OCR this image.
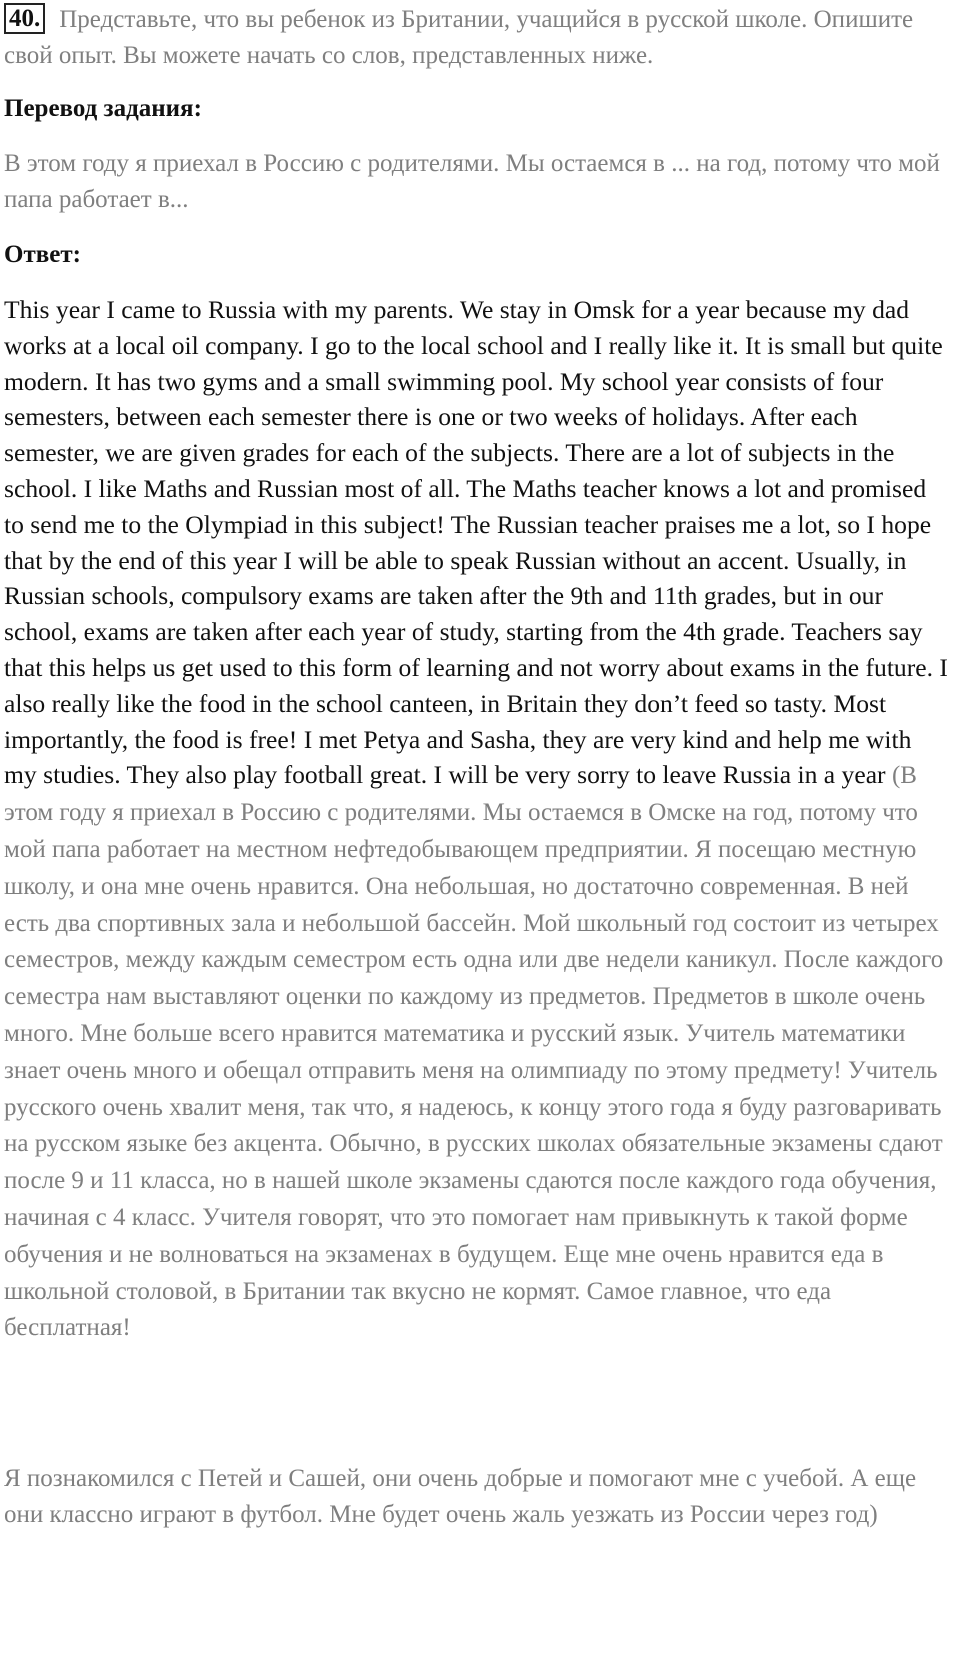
40. Представьте, что вы ребенок из Британии, учащийся в русской школе. Опишите свой опыт. Вы можете начать со слов, представленных ниже.
Перевод задания:
В этом году я приехал в Россию с родителями. Мы остаемся в ... на год, потому что мой папа работает в...
Ответ:
This year I came to Russia with my parents. We stay in Omsk for a year because my dad works at a local oil company. I go to the local school and I really like it. It is small but quite modern. It has two gyms and a small swimming pool. My school year consists of four semesters, between each semester there is one or two weeks of holidays. After each semester, we are given grades for each of the subjects. There are a lot of subjects in the school. I like Maths and Russian most of all. The Maths teacher knows a lot and promised to send me to the Olympiad in this subject! The Russian teacher praises me a lot, so I hope that by the end of this year I will be able to speak Russian without an accent. Usually, in Russian schools, compulsory exams are taken after the 9th and 11th grades, but in our school, exams are taken after each year of study, starting from the 4th grade. Teachers say that this helps us get used to this form of learning and not worry about exams in the future. I also really like the food in the school canteen, in Britain they don’t feed so tasty. Most importantly, the food is free! I met Petya and Sasha, they are very kind and help me with my studies. They also play football great. I will be very sorry to leave Russia in a year (В этом году я приехал в Россию с родителями. Мы остаемся в Омске на год, потому что мой папа работает на местном нефтедобывающем предприятии. Я посещаю местную школу, и она мне очень нравится. Она небольшая, но достаточно современная. В ней есть два спортивных зала и небольшой бассейн. Мой школьный год состоит из четырех семестров, между каждым семестром есть одна или две недели каникул. После каждого семестра нам выставляют оценки по каждому из предметов. Предметов в школе очень много. Мне больше всего нравится математика и русский язык. Учитель математики знает очень много и обещал отправить меня на олимпиаду по этому предмету! Учитель русского очень хвалит меня, так что, я надеюсь, к концу этого года я буду разговаривать на русском языке без акцента. Обычно, в русских школах обязательные экзамены сдают после 9 и 11 класса, но в нашей школе экзамены сдаются после каждого года обучения, начиная с 4 класс. Учителя говорят, что это помогает нам привыкнуть к такой форме обучения и не волноваться на экзаменах в будущем. Еще мне очень нравится еда в школьной столовой, в Британии так вкусно не кормят. Самое главное, что еда бесплатная!
Я познакомился с Петей и Сашей, они очень добрые и помогают мне с учебой. А еще они классно играют в футбол. Мне будет очень жаль уезжать из России через год)
